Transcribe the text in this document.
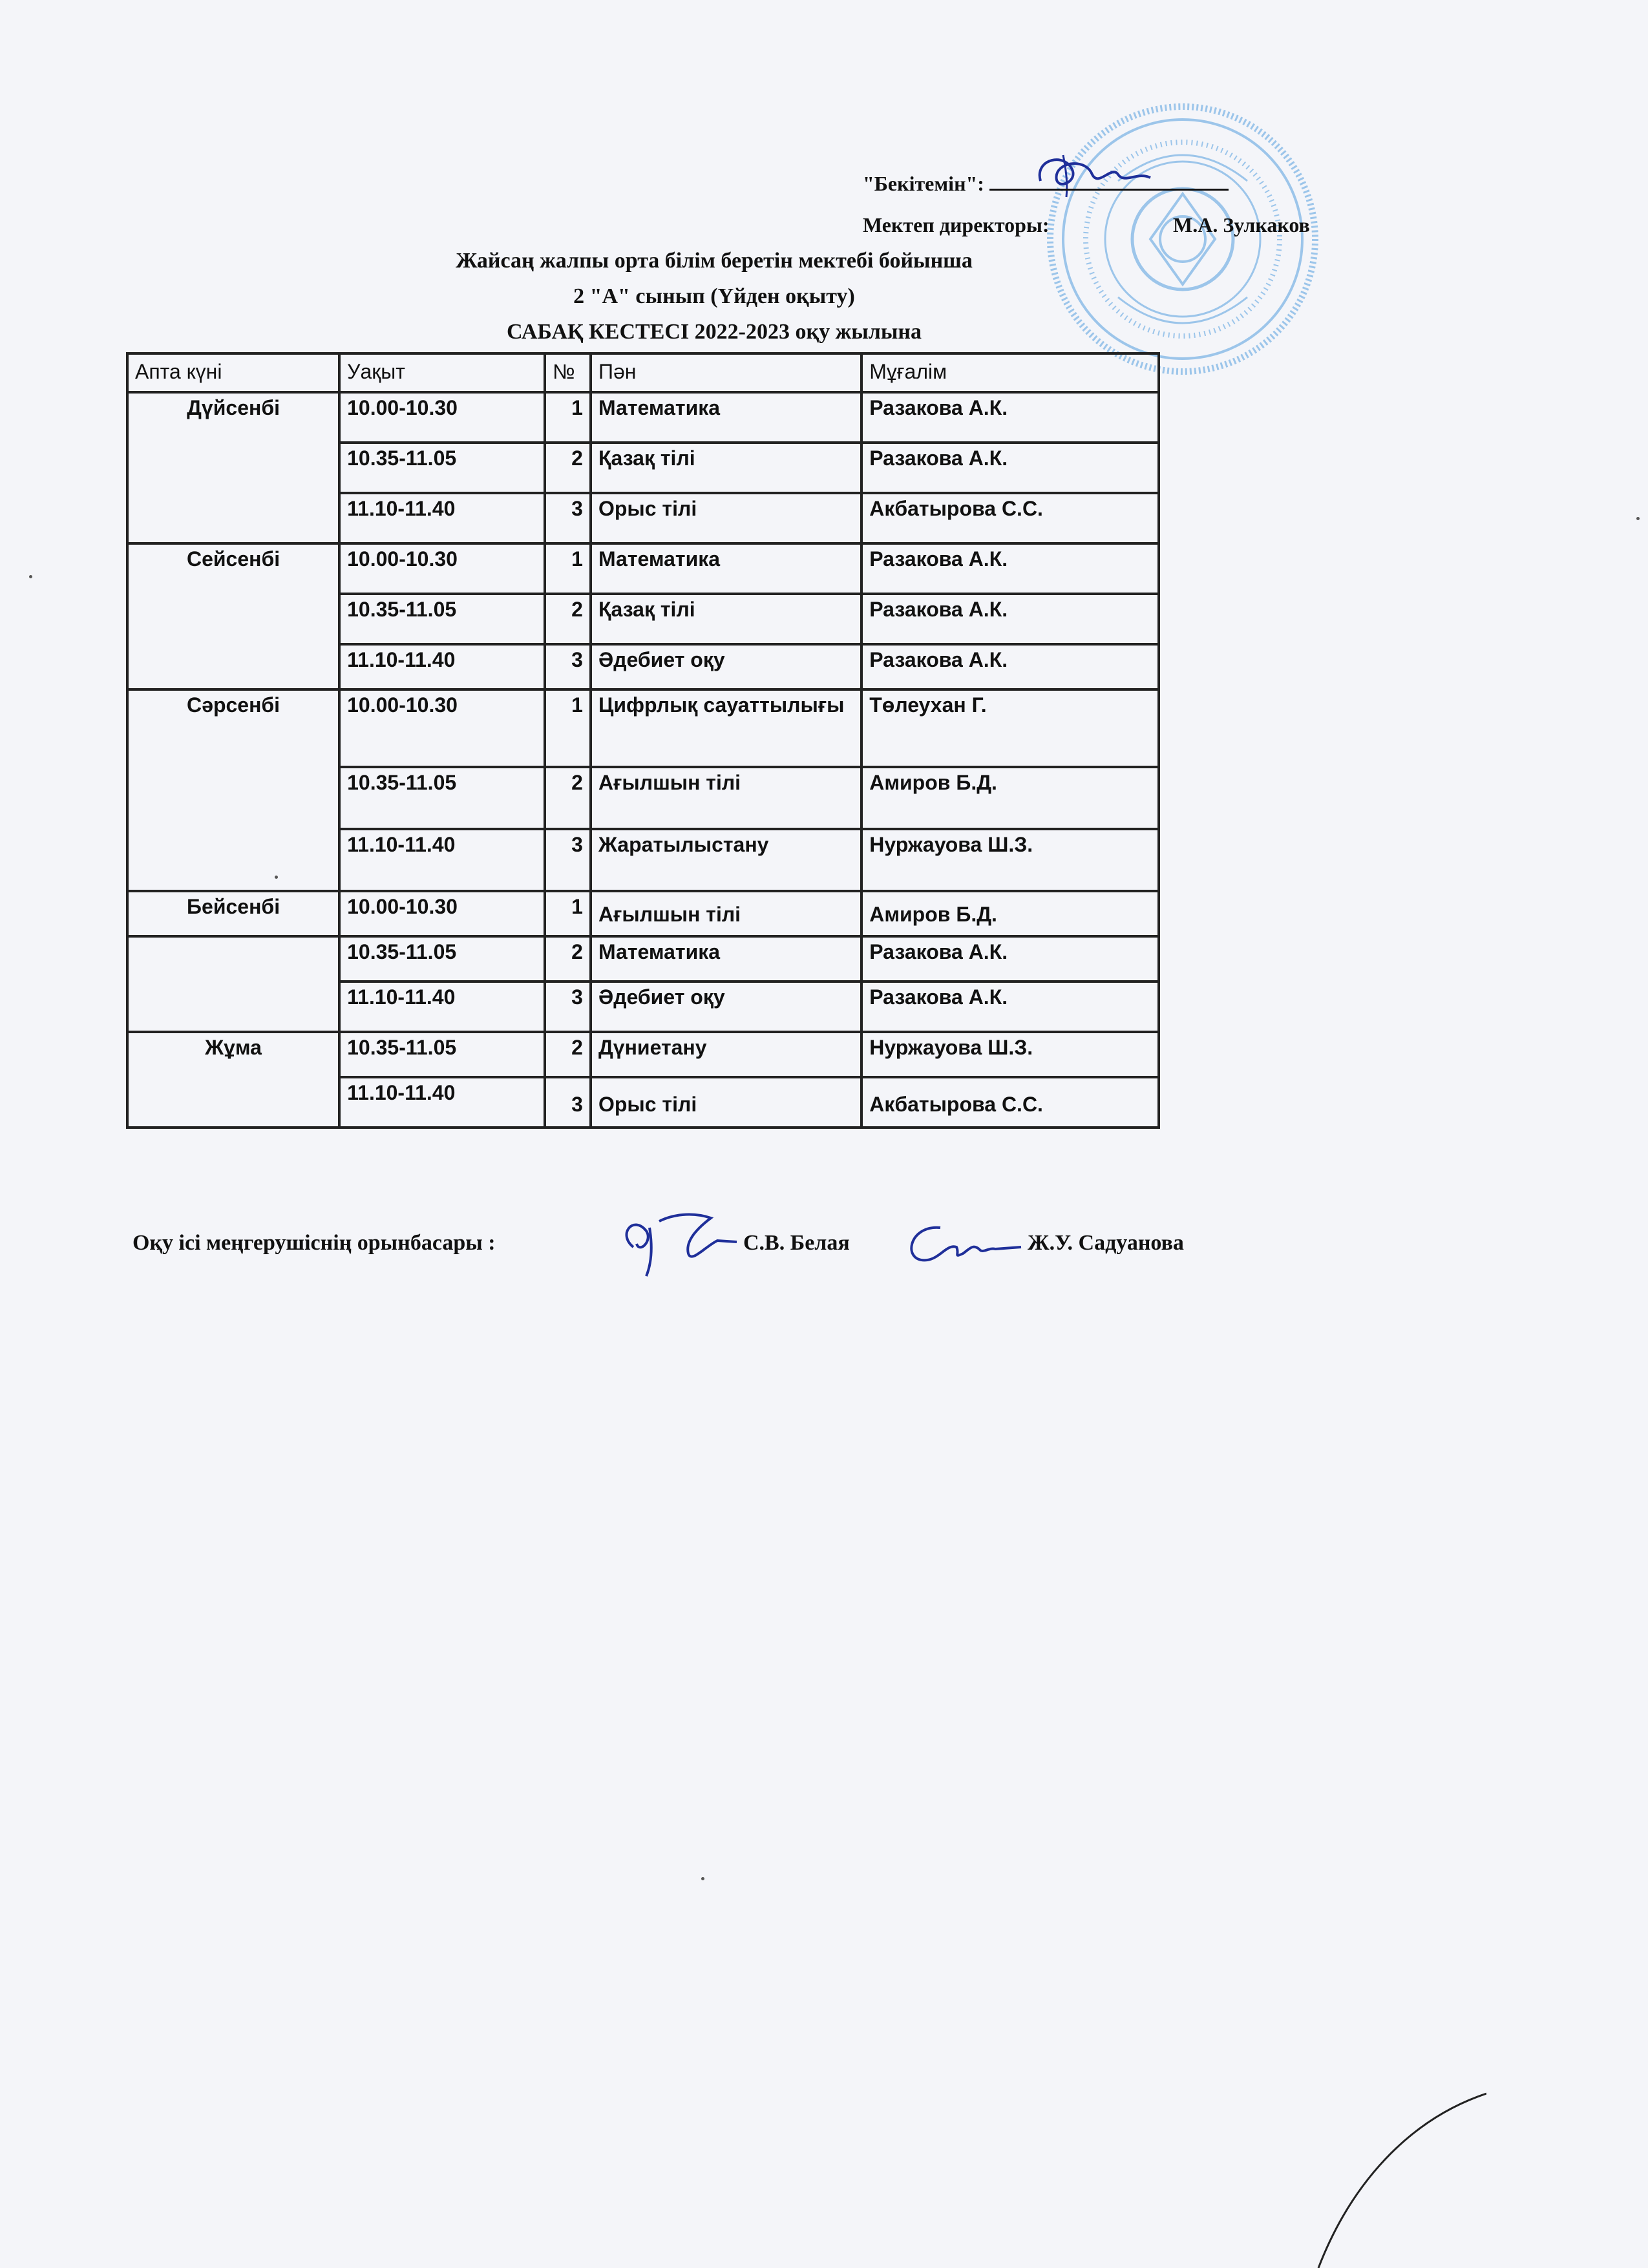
"Бекітемін":
Мектеп директоры:	М.А. Зулкаков
Жайсаң жалпы орта білім беретін мектебі бойынша
2 "А" сынып (Үйден оқыту)
САБАҚ КЕСТЕСІ 2022-2023 оқу жылына
Апта күні	Уақыт	№	Пән	Мұғалім
Дүйсенбі	10.00-10.30	1	Математика	Разакова А.К.
	10.35-11.05	2	Қазақ тілі	Разакова А.К.
	11.10-11.40	3	Орыс тілі	Акбатырова С.С.
Сейсенбі	10.00-10.30	1	Математика	Разакова А.К.
	10.35-11.05	2	Қазақ тілі	Разакова А.К.
	11.10-11.40	3	Әдебиет оқу	Разакова А.К.
Сәрсенбі	10.00-10.30	1	Цифрлық сауаттылығы	Төлеухан Г.
	10.35-11.05	2	Ағылшын тілі	Амиров Б.Д.
	11.10-11.40	3	Жаратылыстану	Нуржауова Ш.З.
Бейсенбі	10.00-10.30	1	Ағылшын тілі	Амиров Б.Д.
	10.35-11.05	2	Математика	Разакова А.К.
	11.10-11.40	3	Әдебиет оқу	Разакова А.К.
Жұма	10.35-11.05	2	Дүниетану	Нуржауова Ш.З.
	11.10-11.40	3	Орыс тілі	Акбатырова С.С.
Оқу ісі меңгерушіснің орынбасары :	С.В. Белая	Ж.У. Садуанова
